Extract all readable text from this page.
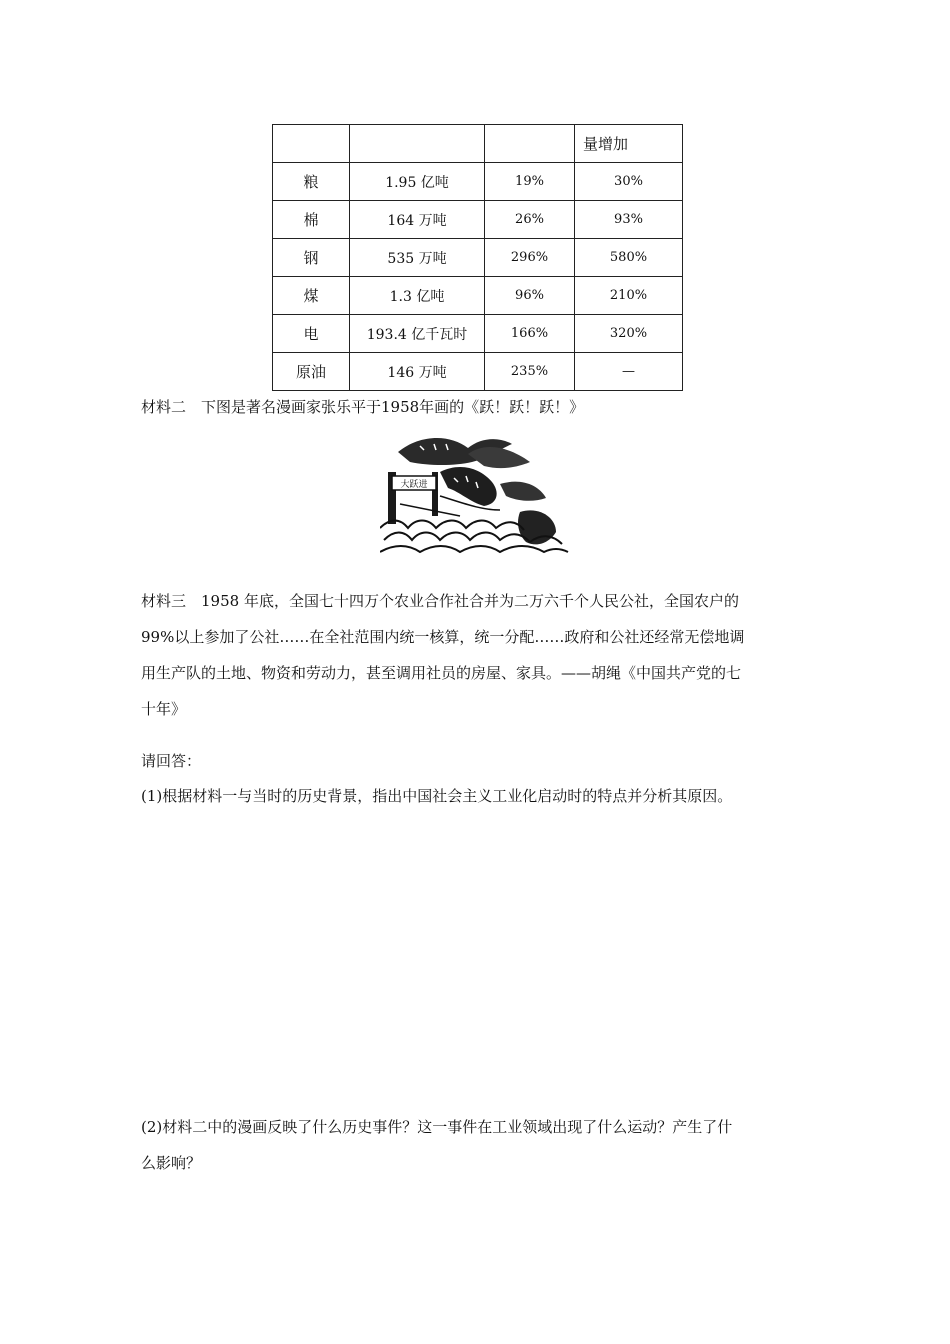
			量增加
粮	1.95 亿吨	19%	30%
棉	164 万吨	26%	93%
钢	535 万吨	296%	580%
煤	1.3 亿吨	96%	210%
电	193.4 亿千瓦时	166%	320%
原油	146 万吨	235%	—
材料二　下图是著名漫画家张乐平于1958年画的《跃！跃！跃！》
大跃进
材料三　1958 年底，全国七十四万个农业合作社合并为二万六千个人民公社，全国农户的
99%以上参加了公社……在全社范围内统一核算，统一分配……政府和公社还经常无偿地调
用生产队的土地、物资和劳动力，甚至调用社员的房屋、家具。——胡绳《中国共产党的七
十年》
请回答：
(1)根据材料一与当时的历史背景，指出中国社会主义工业化启动时的特点并分析其原因。
(2)材料二中的漫画反映了什么历史事件？这一事件在工业领域出现了什么运动？产生了什
么影响？
